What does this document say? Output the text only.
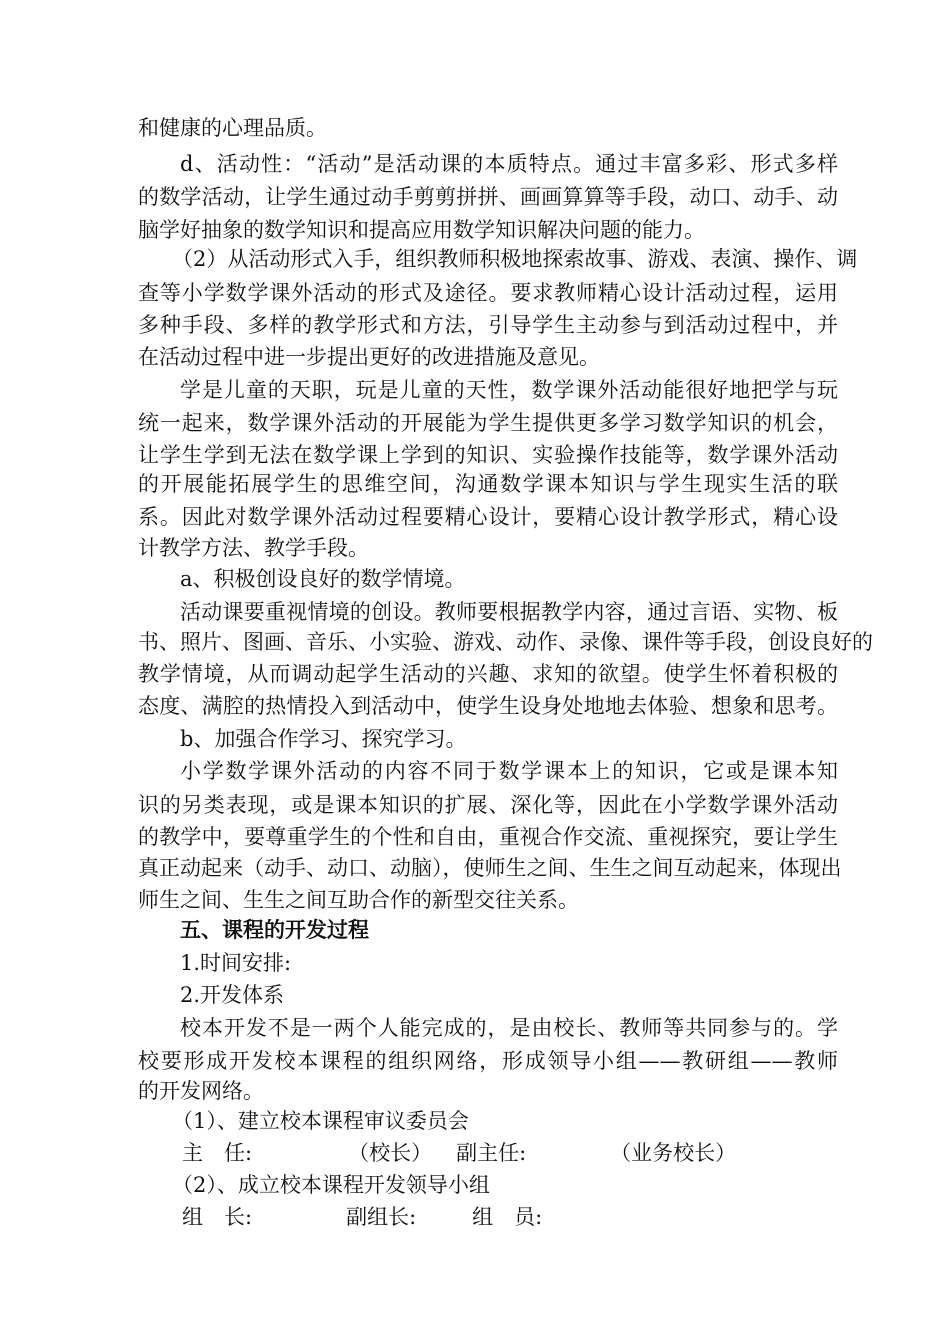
和健康的心理品质。
d、活动性：“活动”是活动课的本质特点。通过丰富多彩、形式多样
的数学活动，让学生通过动手剪剪拼拼、画画算算等手段，动口、动手、动
脑学好抽象的数学知识和提高应用数学知识解决问题的能力。
（2）从活动形式入手，组织教师积极地探索故事、游戏、表演、操作、调
查等小学数学课外活动的形式及途径。要求教师精心设计活动过程，运用
多种手段、多样的教学形式和方法，引导学生主动参与到活动过程中，并
在活动过程中进一步提出更好的改进措施及意见。
学是儿童的天职，玩是儿童的天性，数学课外活动能很好地把学与玩
统一起来，数学课外活动的开展能为学生提供更多学习数学知识的机会，
让学生学到无法在数学课上学到的知识、实验操作技能等，数学课外活动
的开展能拓展学生的思维空间，沟通数学课本知识与学生现实生活的联
系。因此对数学课外活动过程要精心设计，要精心设计教学形式，精心设
计教学方法、教学手段。
a、积极创设良好的数学情境。
活动课要重视情境的创设。教师要根据教学内容，通过言语、实物、板
书、照片、图画、音乐、小实验、游戏、动作、录像、课件等手段，创设良好的
教学情境，从而调动起学生活动的兴趣、求知的欲望。使学生怀着积极的
态度、满腔的热情投入到活动中，使学生设身处地地去体验、想象和思考。
b、加强合作学习、探究学习。
小学数学课外活动的内容不同于数学课本上的知识，它或是课本知
识的另类表现，或是课本知识的扩展、深化等，因此在小学数学课外活动
的教学中，要尊重学生的个性和自由，重视合作交流、重视探究，要让学生
真正动起来（动手、动口、动脑），使师生之间、生生之间互动起来，体现出
师生之间、生生之间互助合作的新型交往关系。
五、课程的开发过程
1.时间安排:
2.开发体系
校本开发不是一两个人能完成的，是由校长、教师等共同参与的。学
校要形成开发校本课程的组织网络，形成领导小组——教研组——教师
的开发网络。
（1）、建立校本课程审议委员会
主　任:	（校长） 副主任:	（业务校长）
（2）、成立校本课程开发领导小组
组　长:	副组长:	组　员:
